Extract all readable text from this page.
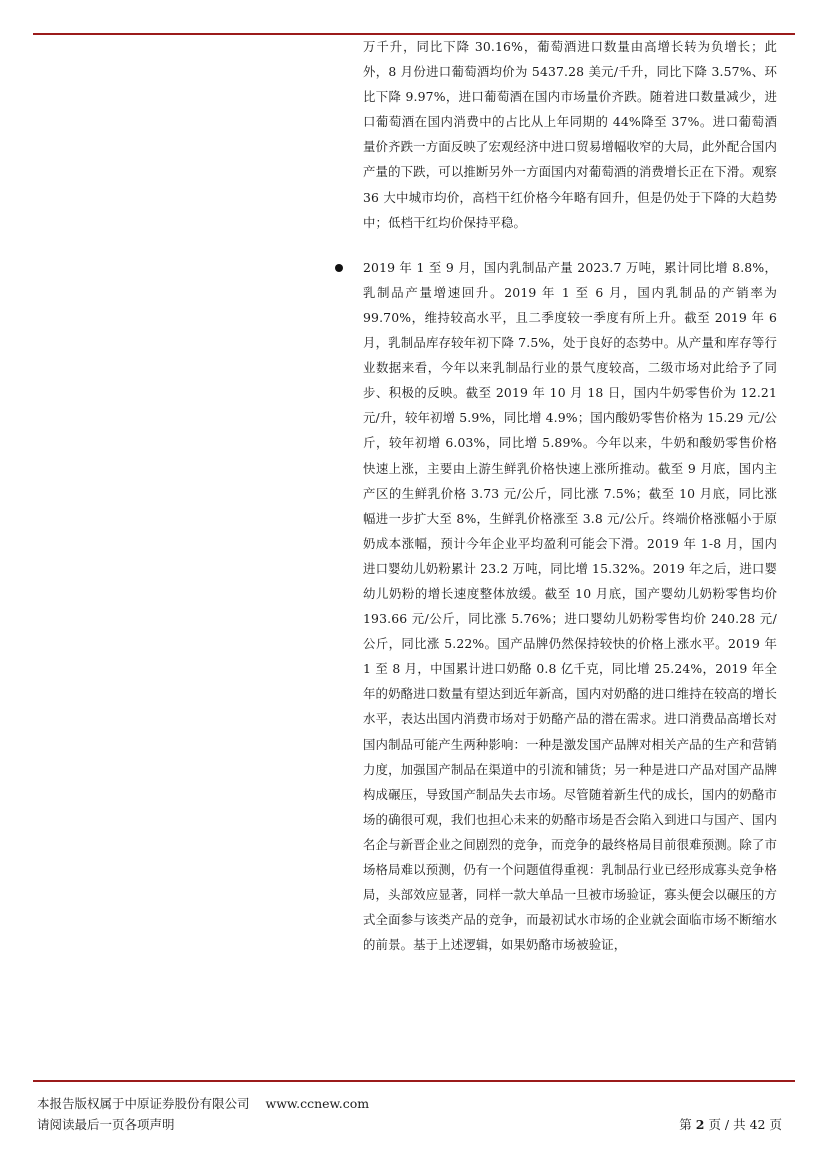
万千升，同比下降 30.16%，葡萄酒进口数量由高增长转为负增长；此外，8 月份进口葡萄酒均价为 5437.28 美元/千升，同比下降 3.57%、环比下降 9.97%，进口葡萄酒在国内市场量价齐跌。随着进口数量减少，进口葡萄酒在国内消费中的占比从上年同期的 44%降至 37%。进口葡萄酒量价齐跌一方面反映了宏观经济中进口贸易增幅收窄的大局，此外配合国内产量的下跌，可以推断另外一方面国内对葡萄酒的消费增长正在下滑。观察 36 大中城市均价，高档干红价格今年略有回升，但是仍处于下降的大趋势中；低档干红均价保持平稳。

2019 年 1 至 9 月，国内乳制品产量 2023.7 万吨，累计同比增 8.8%，乳制品产量增速回升。2019 年 1 至 6 月，国内乳制品的产销率为 99.70%，维持较高水平，且二季度较一季度有所上升。截至 2019 年 6 月，乳制品库存较年初下降 7.5%，处于良好的态势中。从产量和库存等行业数据来看，今年以来乳制品行业的景气度较高，二级市场对此给予了同步、积极的反映。截至 2019 年 10 月 18 日，国内牛奶零售价为 12.21 元/升，较年初增 5.9%，同比增 4.9%；国内酸奶零售价格为 15.29 元/公斤，较年初增 6.03%，同比增 5.89%。今年以来，牛奶和酸奶零售价格快速上涨，主要由上游生鲜乳价格快速上涨所推动。截至 9 月底，国内主产区的生鲜乳价格 3.73 元/公斤，同比涨 7.5%；截至 10 月底，同比涨幅进一步扩大至 8%，生鲜乳价格涨至 3.8 元/公斤。终端价格涨幅小于原奶成本涨幅，预计今年企业平均盈利可能会下滑。2019 年 1-8 月，国内进口婴幼儿奶粉累计 23.2 万吨，同比增 15.32%。2019 年之后，进口婴幼儿奶粉的增长速度整体放缓。截至 10 月底，国产婴幼儿奶粉零售均价 193.66 元/公斤，同比涨 5.76%；进口婴幼儿奶粉零售均价 240.28 元/公斤，同比涨 5.22%。国产品牌仍然保持较快的价格上涨水平。2019 年 1 至 8 月，中国累计进口奶酪 0.8 亿千克，同比增 25.24%，2019 年全年的奶酪进口数量有望达到近年新高，国内对奶酪的进口维持在较高的增长水平，表达出国内消费市场对于奶酪产品的潜在需求。进口消费品高增长对国内制品可能产生两种影响：一种是激发国产品牌对相关产品的生产和营销力度，加强国产制品在渠道中的引流和铺货；另一种是进口产品对国产品牌构成碾压，导致国产制品失去市场。尽管随着新生代的成长，国内的奶酪市场的确很可观，我们也担心未来的奶酪市场是否会陷入到进口与国产、国内名企与新晋企业之间剧烈的竞争，而竞争的最终格局目前很难预测。除了市场格局难以预测，仍有一个问题值得重视：乳制品行业已经形成寡头竞争格局，头部效应显著，同样一款大单品一旦被市场验证，寡头便会以碾压的方式全面参与该类产品的竞争，而最初试水市场的企业就会面临市场不断缩水的前景。基于上述逻辑，如果奶酪市场被验证，

本报告版权属于中原证券股份有限公司 www.ccnew.com
请阅读最后一页各项声明	第 2 页 / 共 42 页
